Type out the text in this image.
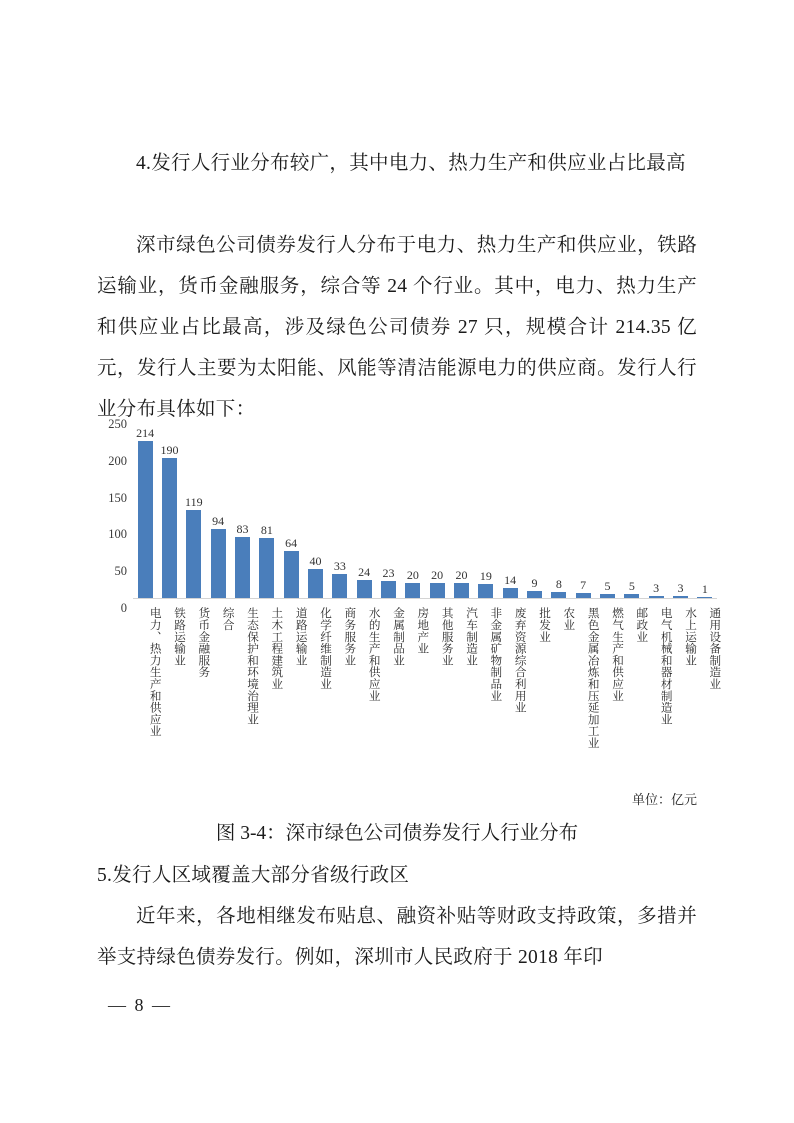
4.发行人行业分布较广，其中电力、热力生产和供应业占比最高

深市绿色公司债券发行人分布于电力、热力生产和供应业，铁路运输业，货币金融服务，综合等 24 个行业。其中，电力、热力生产和供应业占比最高，涉及绿色公司债券 27 只，规模合计 214.35 亿元，发行人主要为太阳能、风能等清洁能源电力的供应商。发行人行业分布具体如下：

0
50
100
150
200
250
214
190
119
94
83	81
64
40	33	24	23	20	20	20	19	14	9	8	7	5	5	3	3	1
电力、热力生产和供应业 铁路运输业 货币金融服务 综合 生态保护和环境治理业 土木工程建筑业 道路运输业 化学纤维制造业 商务服务业 水的生产和供应业 金属制品业 房地产业 其他服务业 汽车制造业 非金属矿物制品业 废弃资源综合利用业 批发业 农业 黑色金属冶炼和压延加工业 燃气生产和供应业 邮政业 电气机械和器材制造业 水上运输业 通用设备制造业
单位：亿元
图 3-4：深市绿色公司债券发行人行业分布

5.发行人区域覆盖大部分省级行政区

近年来，各地相继发布贴息、融资补贴等财政支持政策，多措并举支持绿色债券发行。例如，深圳市人民政府于 2018 年印

— 8 —
